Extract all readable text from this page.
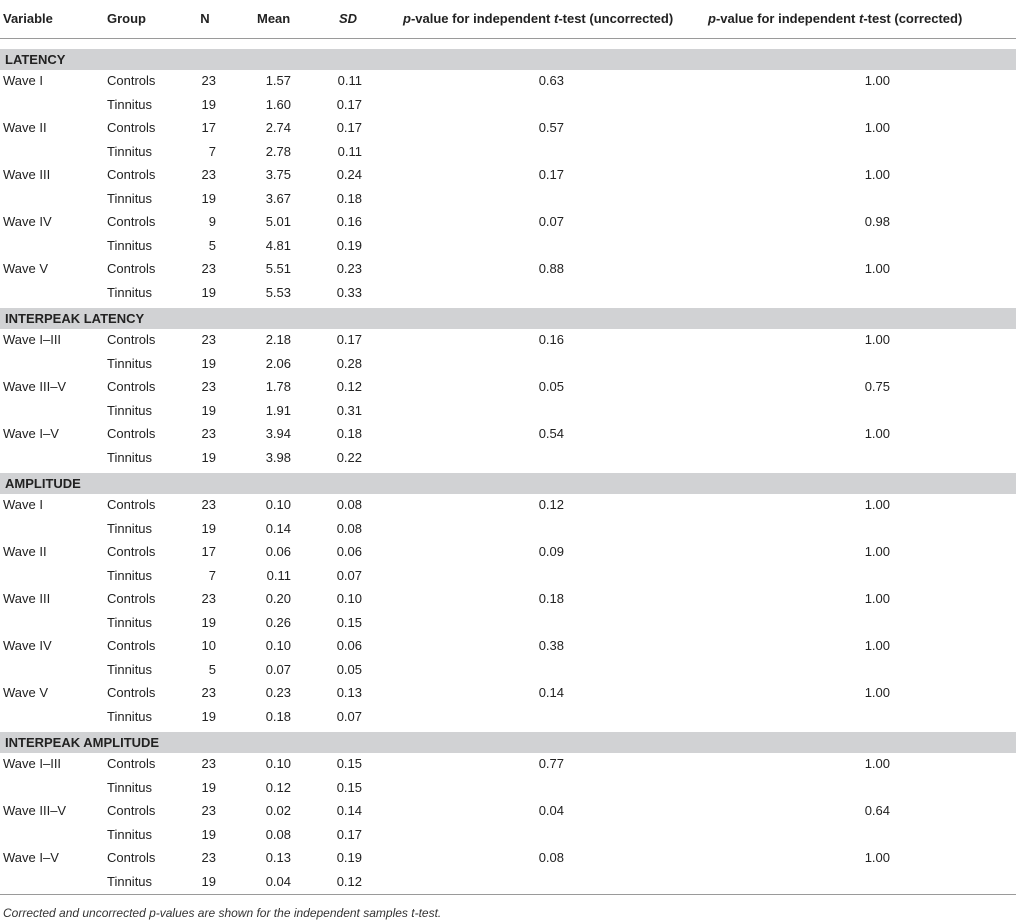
Variable	Group	N	Mean	SD	p-value for independent t-test (uncorrected)	p-value for independent t-test (corrected)
LATENCY
Wave I	Controls	23	1.57	0.11	0.63	1.00
Tinnitus	19	1.60	0.17
Wave II	Controls	17	2.74	0.17	0.57	1.00
Tinnitus	7	2.78	0.11
Wave III	Controls	23	3.75	0.24	0.17	1.00
Tinnitus	19	3.67	0.18
Wave IV	Controls	9	5.01	0.16	0.07	0.98
Tinnitus	5	4.81	0.19
Wave V	Controls	23	5.51	0.23	0.88	1.00
Tinnitus	19	5.53	0.33
INTERPEAK LATENCY
Wave I–III	Controls	23	2.18	0.17	0.16	1.00
Tinnitus	19	2.06	0.28
Wave III–V	Controls	23	1.78	0.12	0.05	0.75
Tinnitus	19	1.91	0.31
Wave I–V	Controls	23	3.94	0.18	0.54	1.00
Tinnitus	19	3.98	0.22
AMPLITUDE
Wave I	Controls	23	0.10	0.08	0.12	1.00
Tinnitus	19	0.14	0.08
Wave II	Controls	17	0.06	0.06	0.09	1.00
Tinnitus	7	0.11	0.07
Wave III	Controls	23	0.20	0.10	0.18	1.00
Tinnitus	19	0.26	0.15
Wave IV	Controls	10	0.10	0.06	0.38	1.00
Tinnitus	5	0.07	0.05
Wave V	Controls	23	0.23	0.13	0.14	1.00
Tinnitus	19	0.18	0.07
INTERPEAK AMPLITUDE
Wave I–III	Controls	23	0.10	0.15	0.77	1.00
Tinnitus	19	0.12	0.15
Wave III–V	Controls	23	0.02	0.14	0.04	0.64
Tinnitus	19	0.08	0.17
Wave I–V	Controls	23	0.13	0.19	0.08	1.00
Tinnitus	19	0.04	0.12
Corrected and uncorrected p-values are shown for the independent samples t-test.
